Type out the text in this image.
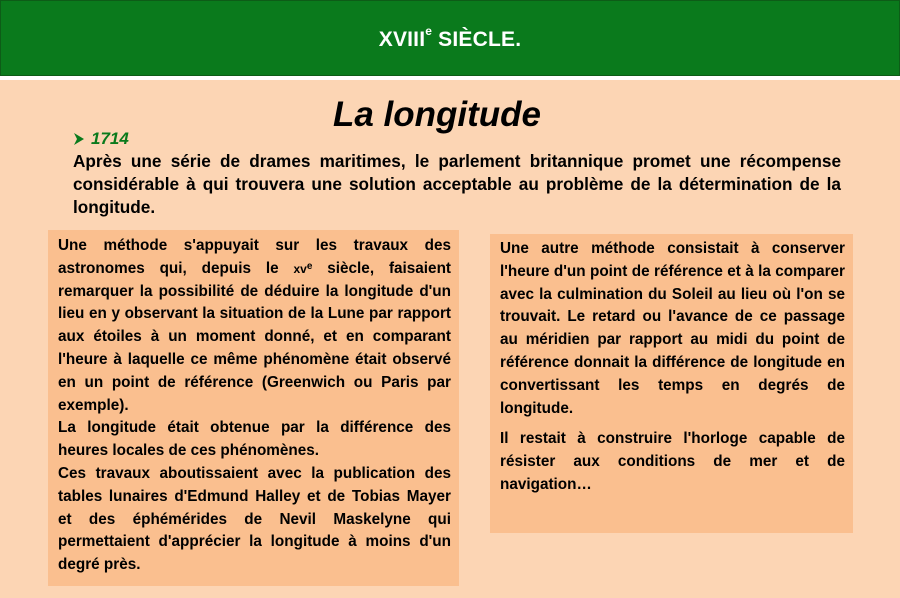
XVIIIe SIÈCLE.
La longitude
1714
Après une série de drames maritimes, le parlement britannique promet une récompense considérable à qui trouvera une solution acceptable au problème de la détermination de la longitude.

Une méthode s'appuyait sur les travaux des astronomes qui, depuis le $xv^e$ siècle, faisaient remarquer la possibilité de déduire la longitude d'un lieu en y observant la situation de la Lune par rapport aux étoiles à un moment donné, et en comparant l'heure à laquelle ce même phénomène était observé en un point de référence (Greenwich ou Paris par exemple).

La longitude était obtenue par la différence des heures locales de ces phénomènes.

Ces travaux aboutissaient avec la publication des tables lunaires d'Edmund Halley et de Tobias Mayer et des éphémérides de Nevil Maskelyne qui permettaient d'apprécier la longitude à moins d'un degré près.

Une autre méthode consistait à conserver l'heure d'un point de référence et à la comparer avec la culmination du Soleil au lieu où l'on se trouvait. Le retard ou l'avance de ce passage au méridien par rapport au midi du point de référence donnait la différence de longitude en convertissant les temps en degrés de longitude.

Il restait à construire l'horloge capable de résister aux conditions de mer et de navigation…
